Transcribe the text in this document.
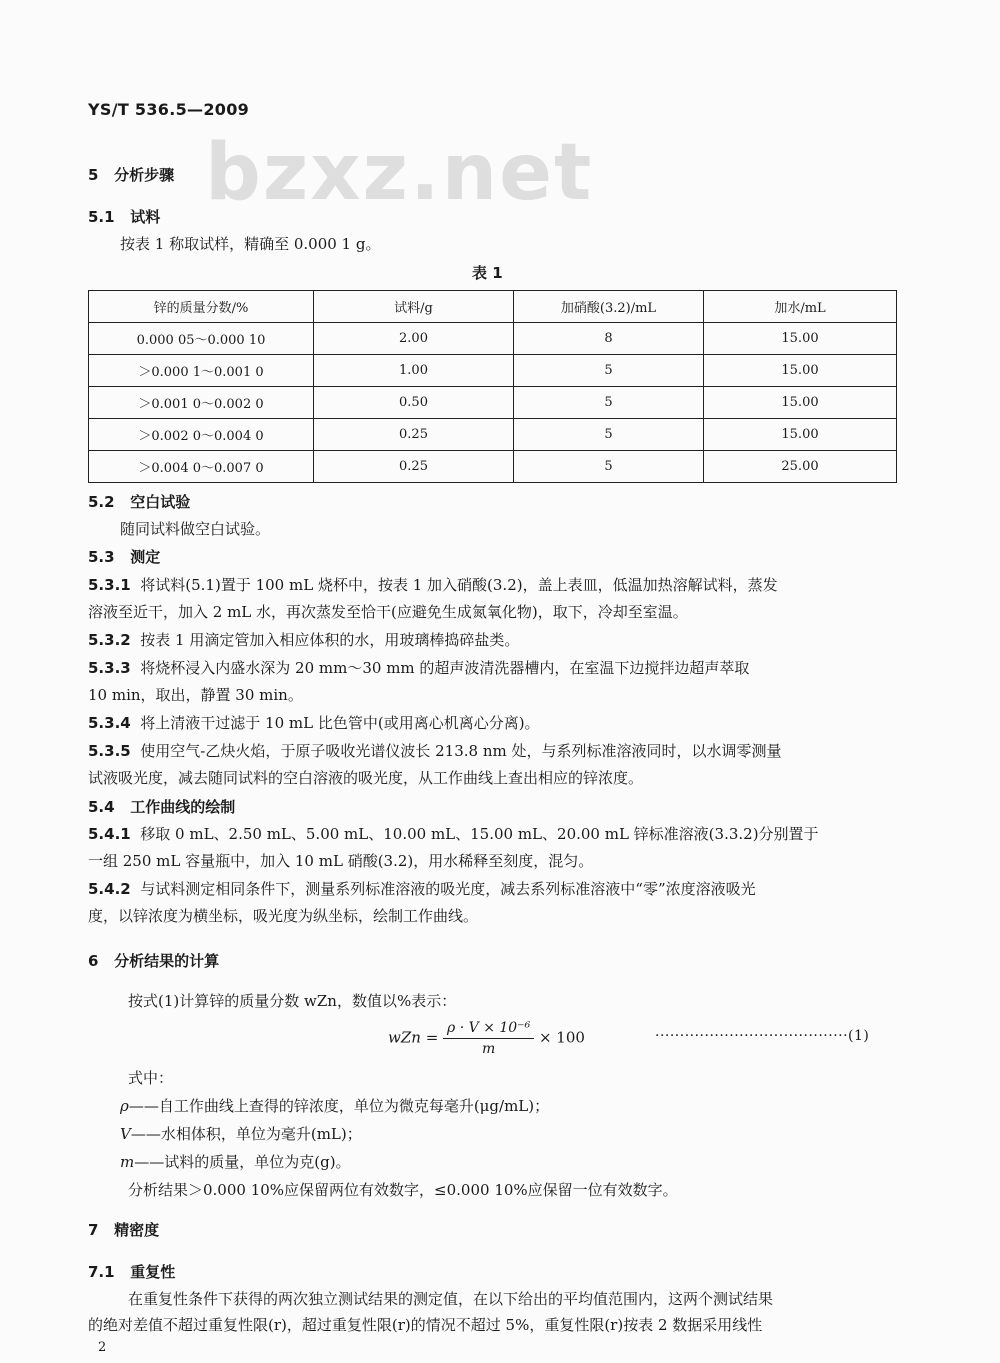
YS/T 536.5—2009
bzxz.net
5 分析步骤
5.1 试料
按表 1 称取试样，精确至 0.000 1 g。
表 1
锌的质量分数/%	试料/g	加硝酸(3.2)/mL	加水/mL
0.000 05～0.000 10	2.00	8	15.00
＞0.000 1～0.001 0	1.00	5	15.00
＞0.001 0～0.002 0	0.50	5	15.00
＞0.002 0～0.004 0	0.25	5	15.00
＞0.004 0～0.007 0	0.25	5	25.00
5.2 空白试验
随同试料做空白试验。
5.3 测定
5.3.1 将试料(5.1)置于 100 mL 烧杯中，按表 1 加入硝酸(3.2)，盖上表皿，低温加热溶解试料，蒸发
溶液至近干，加入 2 mL 水，再次蒸发至恰干(应避免生成氮氧化物)，取下，冷却至室温。
5.3.2 按表 1 用滴定管加入相应体积的水，用玻璃棒捣碎盐类。
5.3.3 将烧杯浸入内盛水深为 20 mm～30 mm 的超声波清洗器槽内，在室温下边搅拌边超声萃取
10 min，取出，静置 30 min。
5.3.4 将上清液干过滤于 10 mL 比色管中(或用离心机离心分离)。
5.3.5 使用空气-乙炔火焰，于原子吸收光谱仪波长 213.8 nm 处，与系列标准溶液同时，以水调零测量
试液吸光度，减去随同试料的空白溶液的吸光度，从工作曲线上查出相应的锌浓度。
5.4 工作曲线的绘制
5.4.1 移取 0 mL、2.50 mL、5.00 mL、10.00 mL、15.00 mL、20.00 mL 锌标准溶液(3.3.2)分别置于
一组 250 mL 容量瓶中，加入 10 mL 硝酸(3.2)，用水稀释至刻度，混匀。
5.4.2 与试料测定相同条件下，测量系列标准溶液的吸光度，减去系列标准溶液中“零”浓度溶液吸光
度，以锌浓度为横坐标，吸光度为纵坐标，绘制工作曲线。
6 分析结果的计算
按式(1)计算锌的质量分数 wZn，数值以%表示：
wZn = $\frac{\text{ρ · V × 10⁻⁶}}{m} \times 100$	·······································(1)
式中：
ρ——自工作曲线上查得的锌浓度，单位为微克每毫升(μg/mL)；
V——水相体积，单位为毫升(mL)；
m——试料的质量，单位为克(g)。
分析结果＞0.000 10%应保留两位有效数字，≤0.000 10%应保留一位有效数字。
7 精密度
7.1 重复性
在重复性条件下获得的两次独立测试结果的测定值，在以下给出的平均值范围内，这两个测试结果
的绝对差值不超过重复性限(r)，超过重复性限(r)的情况不超过 5%，重复性限(r)按表 2 数据采用线性
2
